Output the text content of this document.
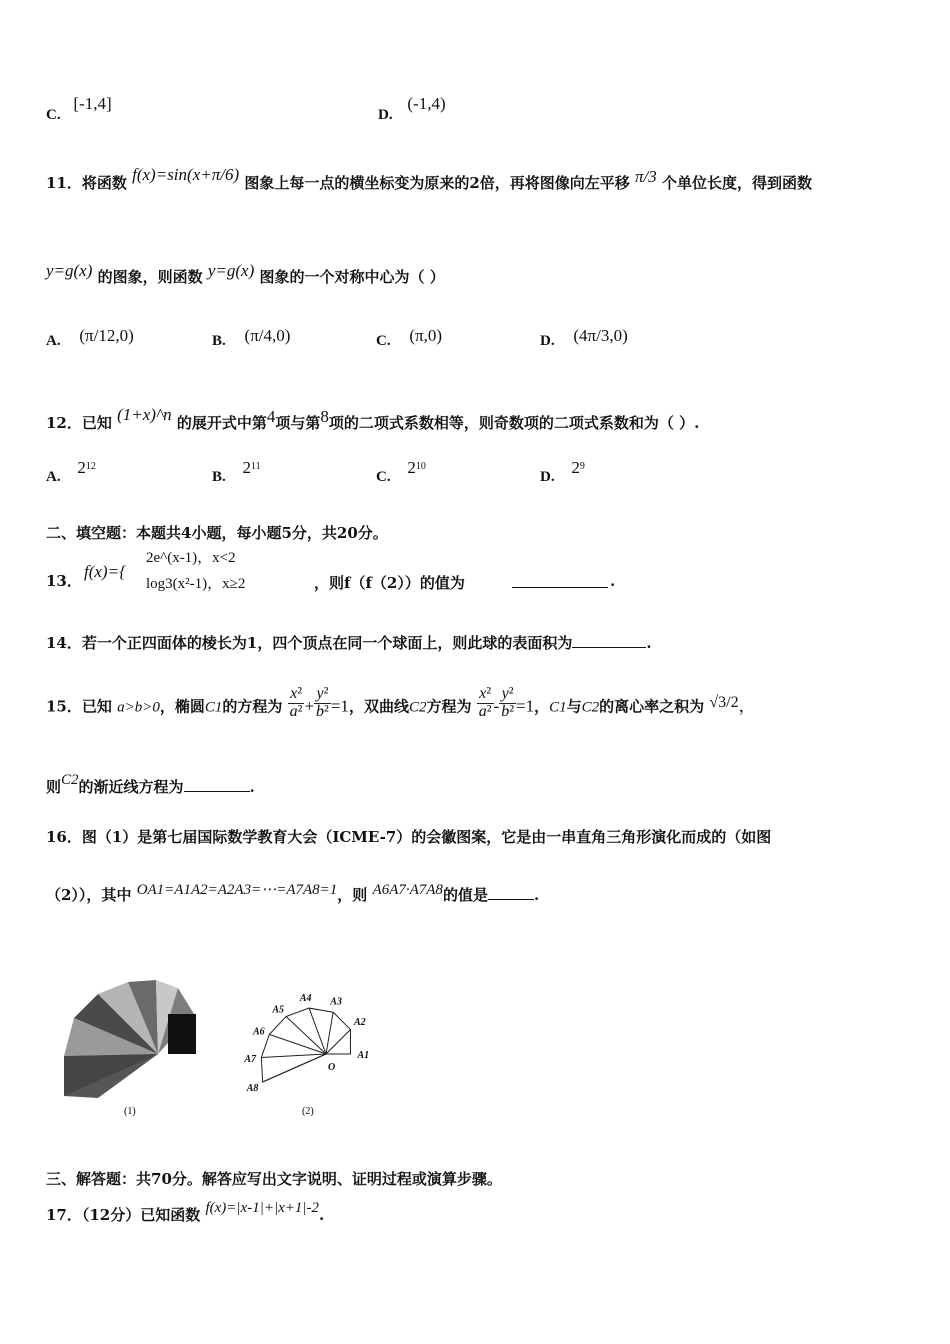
C. [-1,4]
D. (-1,4)
11．将函数 f(x)=sin(x+π/6) 图象上每一点的横坐标变为原来的2倍，再将图像向左平移 π/3 个单位长度，得到函数
y=g(x) 的图象，则函数 y=g(x) 图象的一个对称中心为（ ）
A. (π/12,0)	B. (π/4,0)	C. (π,0)	D. (4π/3,0)
12．已知 (1+x)^n 的展开式中第4项与第8项的二项式系数相等，则奇数项的二项式系数和为（ ）.
A. $2^{12}$
B. $2^{11}$
C. $2^{10}$
D. $2^9$
二、填空题：本题共4小题，每小题5分，共20分。
13． f(x)={
2e^(x-1)，x<2
log3(x²-1)，x≥2	，则f（f（2））的值为	.
14．若一个正四面体的棱长为1，四个顶点在同一个球面上，则此球的表面积为	.
15．已知 a>b>0，椭圆C1的方程为 $\frac{\text{x²}}{\text{a²}} + \frac{\text{y²}}{\text{b²}} =1$，双曲线C2方程为 $\frac{\text{x²}}{\text{a²}} - \frac{\text{y²}}{\text{b²}} =1$，C1与C2的离心率之积为 √3/2，
则C2的渐近线方程为	.
16．图（1）是第七届国际数学教育大会（ICME-7）的会徽图案，它是由一串直角三角形演化而成的（如图
（2）），其中 OA1=A1A2=A2A3=⋯=A7A8=1，则 A6A7·A7A8的值是	.
(1)
O
A1
A2
A3
A4
A5
A6
A7
A8
(2)
三、解答题：共70分。解答应写出文字说明、证明过程或演算步骤。
17．（12分）已知函数 f(x)=|x-1|+|x+1|-2.
